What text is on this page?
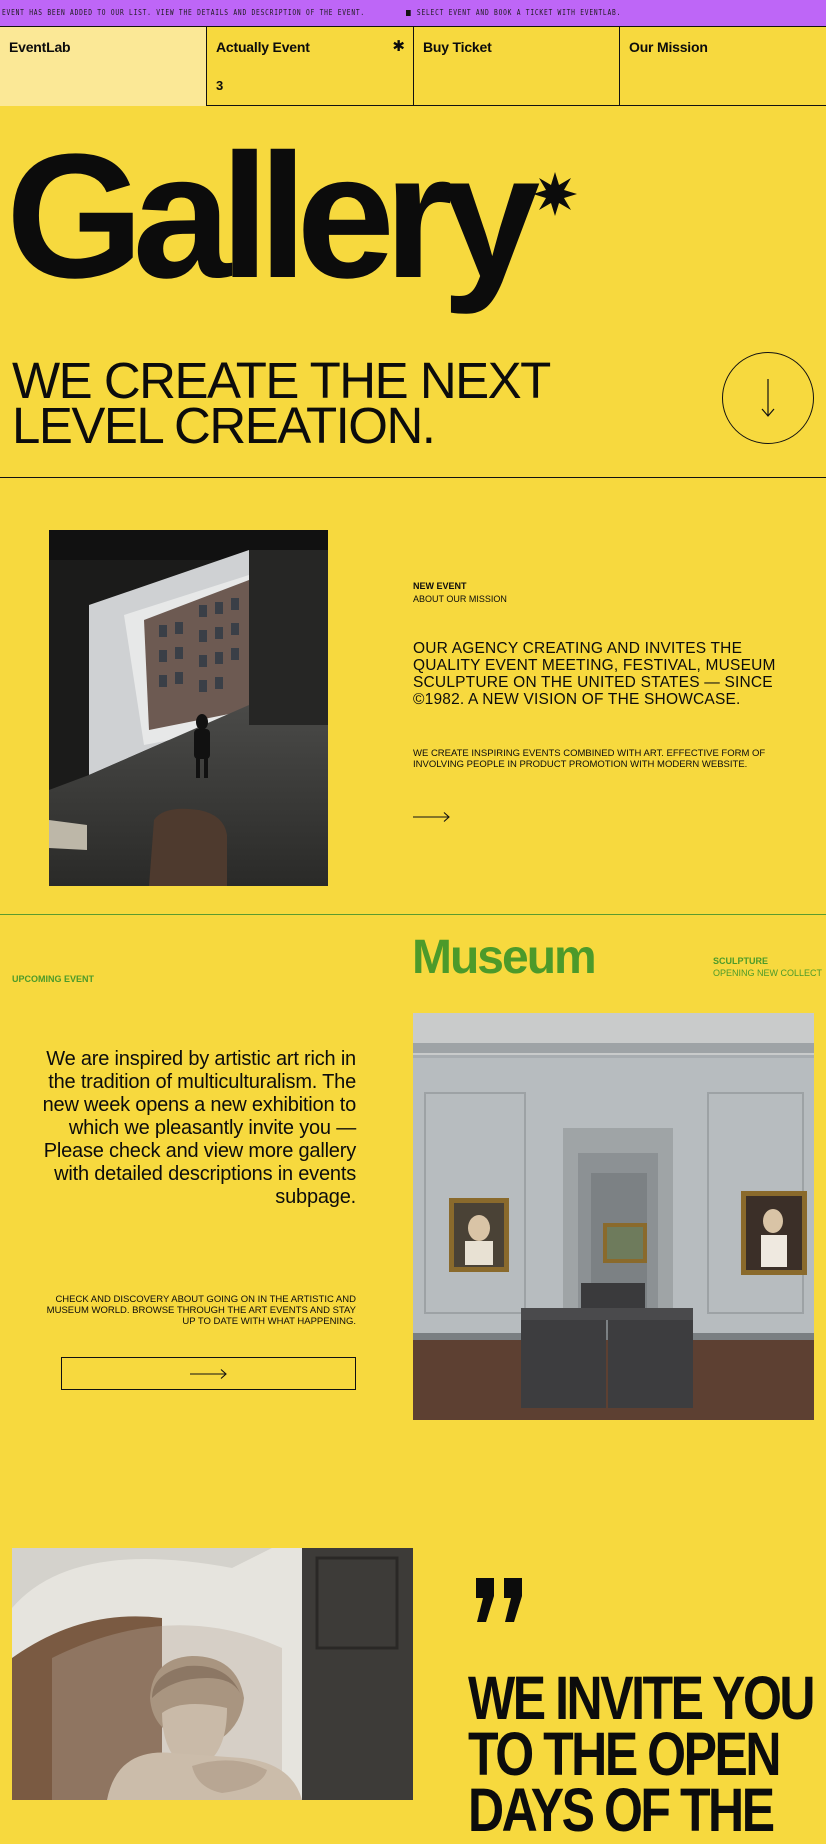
EVENT HAS BEEN ADDED TO OUR LIST. VIEW THE DETAILS AND DESCRIPTION OF THE EVENT.	SELECT EVENT AND BOOK A TICKET WITH EVENTLAB.
EventLab	Actually Event	✱
3
Buy Ticket	Our Mission
Gallery
WE CREATE THE NEXT
LEVEL CREATION.
NEW EVENT
ABOUT OUR MISSION
OUR AGENCY CREATING AND INVITES THE QUALITY EVENT MEETING, FESTIVAL, MUSEUM SCULPTURE ON THE UNITED STATES — SINCE ©1982. A NEW VISION OF THE SHOWCASE.
WE CREATE INSPIRING EVENTS COMBINED WITH ART. EFFECTIVE FORM OF INVOLVING PEOPLE IN PRODUCT PROMOTION WITH MODERN WEBSITE.
UPCOMING EVENT	Museum	SCULPTURE
OPENING NEW COLLECT
We are inspired by artistic art rich in the tradition of multiculturalism. The new week opens a new exhibition to which we pleasantly invite you — Please check and view more gallery with detailed descriptions in events subpage.
CHECK AND DISCOVERY ABOUT GOING ON IN THE ARTISTIC AND MUSEUM WORLD. BROWSE THROUGH THE ART EVENTS AND STAY UP TO DATE WITH WHAT HAPPENING.
WE INVITE YOU
TO THE OPEN
DAYS OF THE
